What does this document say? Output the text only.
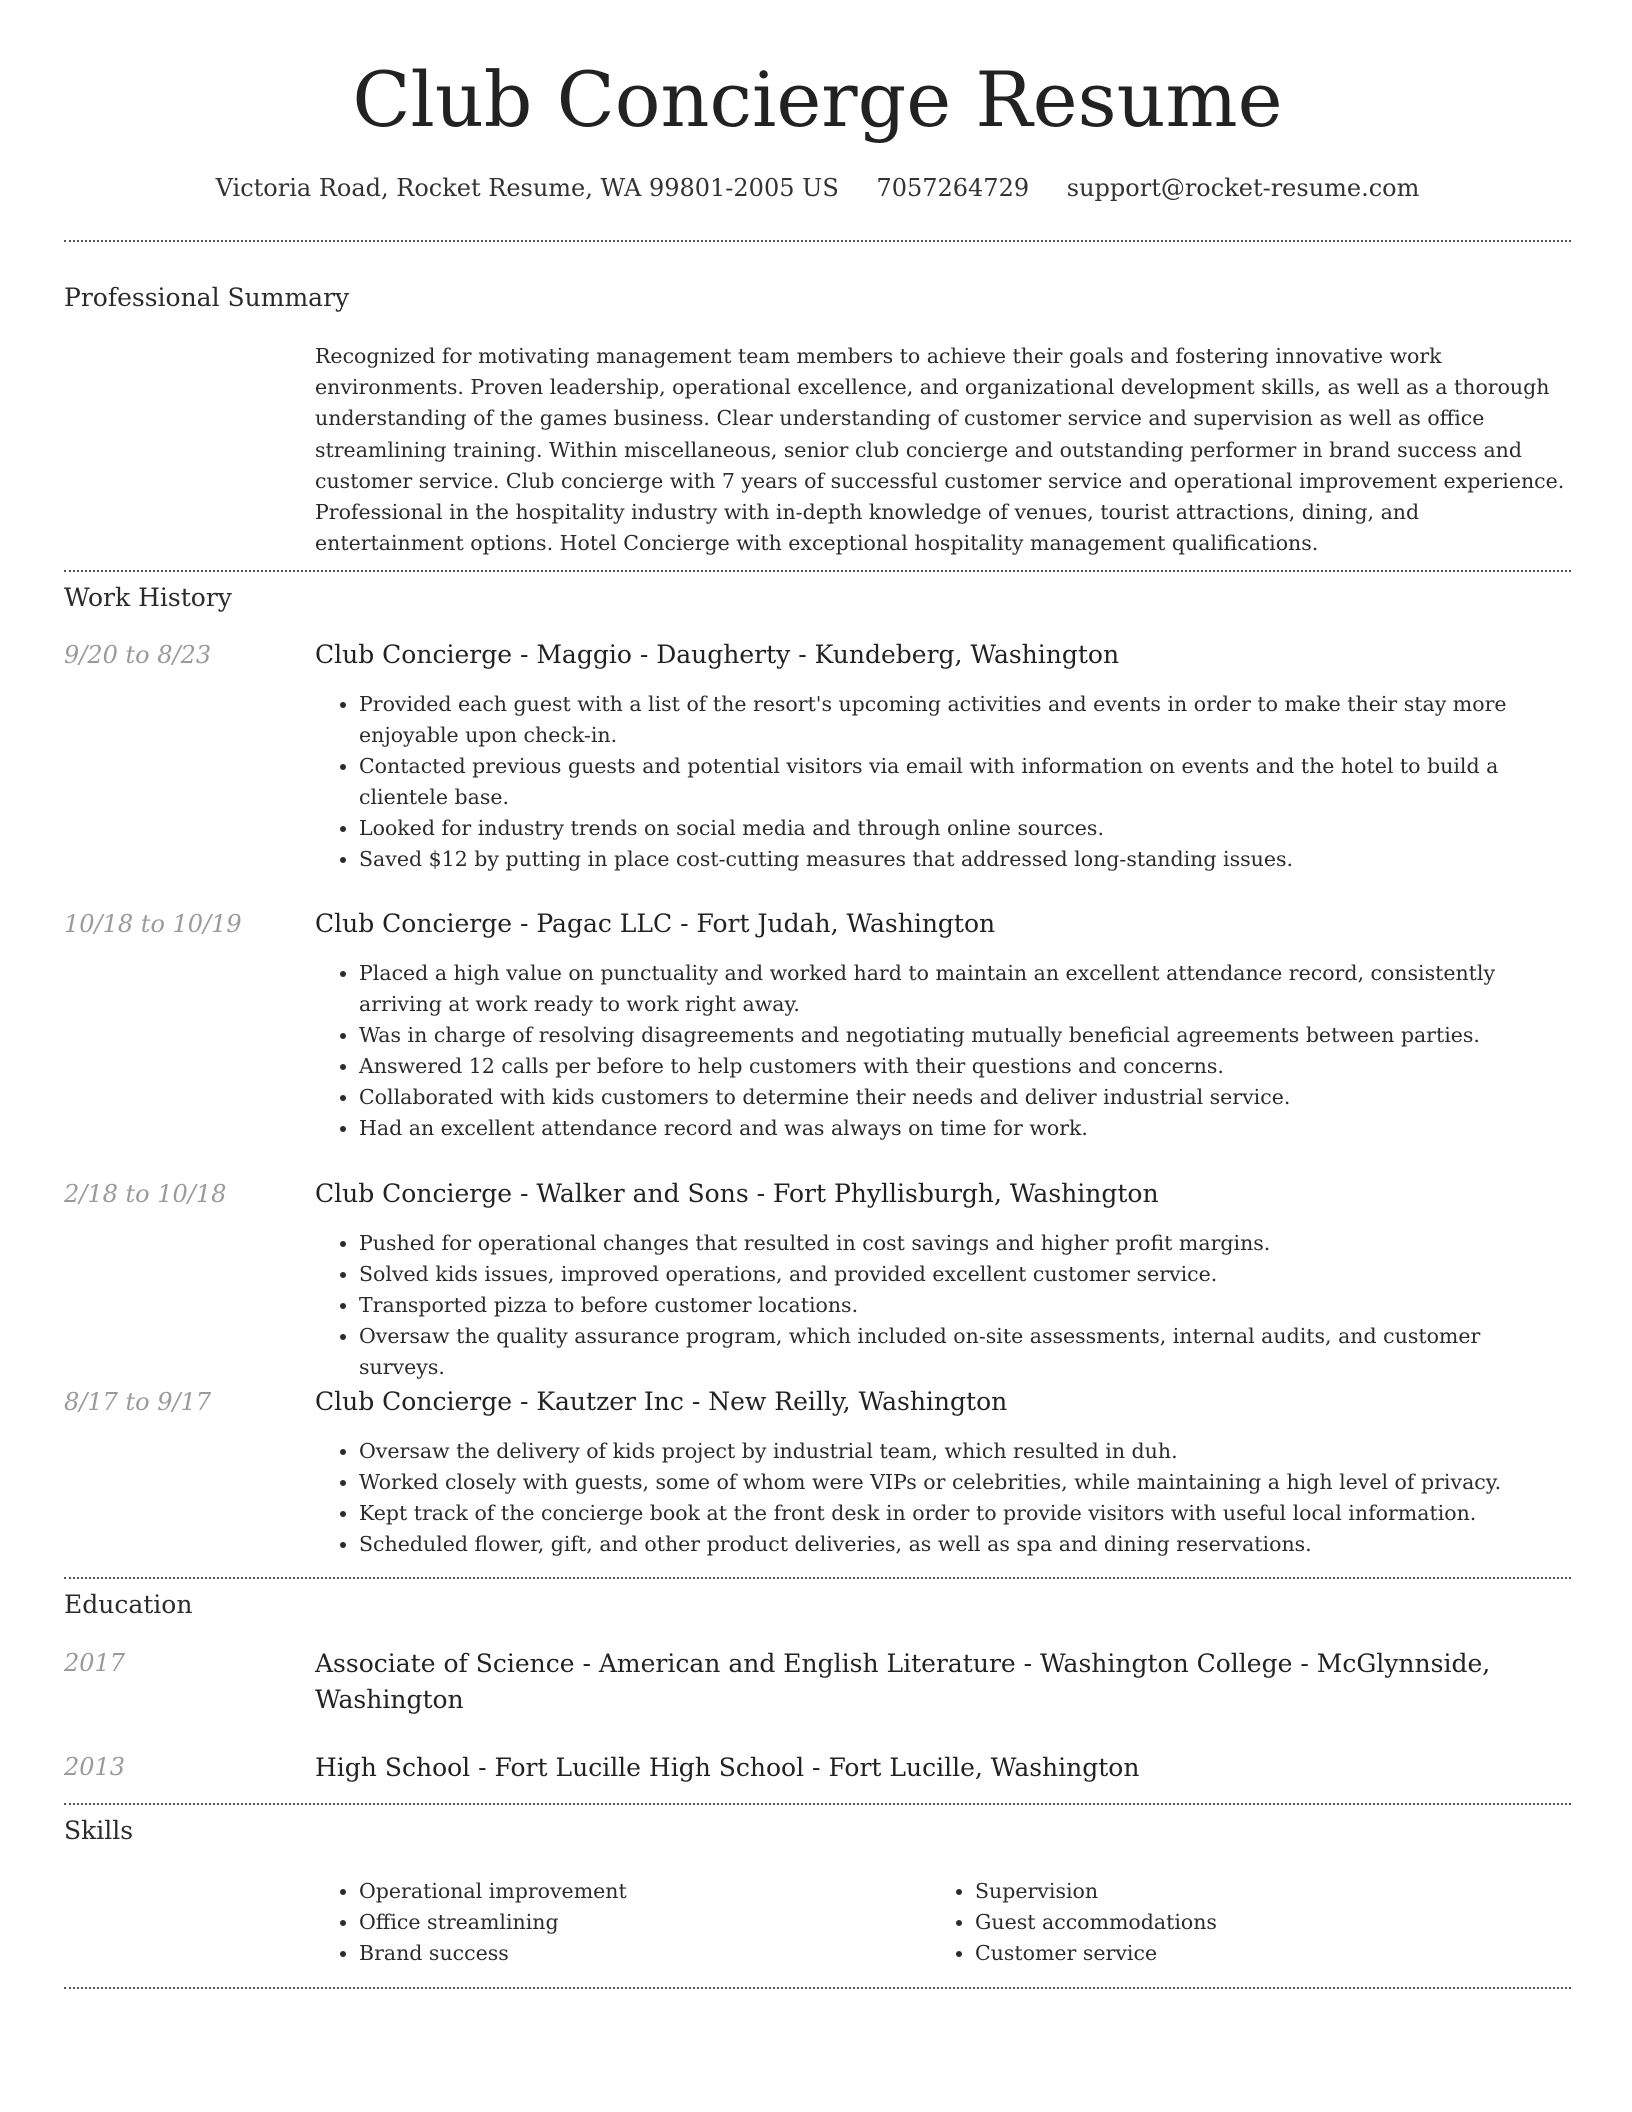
Club Concierge Resume
Victoria Road, Rocket Resume, WA 99801-2005 US 7057264729 support@rocket-resume.com
Professional Summary
Recognized for motivating management team members to achieve their goals and fostering innovative work environments. Proven leadership, operational excellence, and organizational development skills, as well as a thorough understanding of the games business. Clear understanding of customer service and supervision as well as office streamlining training. Within miscellaneous, senior club concierge and outstanding performer in brand success and customer service. Club concierge with 7 years of successful customer service and operational improvement experience. Professional in the hospitality industry with in-depth knowledge of venues, tourist attractions, dining, and entertainment options. Hotel Concierge with exceptional hospitality management qualifications.
Work History
9/20 to 8/23	Club Concierge - Maggio - Daugherty - Kundeberg, Washington
• Provided each guest with a list of the resort's upcoming activities and events in order to make their stay more enjoyable upon check-in.
• Contacted previous guests and potential visitors via email with information on events and the hotel to build a clientele base.
• Looked for industry trends on social media and through online sources.
• Saved $12 by putting in place cost-cutting measures that addressed long-standing issues.
10/18 to 10/19	Club Concierge - Pagac LLC - Fort Judah, Washington
• Placed a high value on punctuality and worked hard to maintain an excellent attendance record, consistently arriving at work ready to work right away.
• Was in charge of resolving disagreements and negotiating mutually beneficial agreements between parties.
• Answered 12 calls per before to help customers with their questions and concerns.
• Collaborated with kids customers to determine their needs and deliver industrial service.
• Had an excellent attendance record and was always on time for work.
2/18 to 10/18	Club Concierge - Walker and Sons - Fort Phyllisburgh, Washington
• Pushed for operational changes that resulted in cost savings and higher profit margins.
• Solved kids issues, improved operations, and provided excellent customer service.
• Transported pizza to before customer locations.
• Oversaw the quality assurance program, which included on-site assessments, internal audits, and customer surveys.
8/17 to 9/17	Club Concierge - Kautzer Inc - New Reilly, Washington
• Oversaw the delivery of kids project by industrial team, which resulted in duh.
• Worked closely with guests, some of whom were VIPs or celebrities, while maintaining a high level of privacy.
• Kept track of the concierge book at the front desk in order to provide visitors with useful local information.
• Scheduled flower, gift, and other product deliveries, as well as spa and dining reservations.
Education
2017	Associate of Science - American and English Literature - Washington College - McGlynnside, Washington
2013	High School - Fort Lucille High School - Fort Lucille, Washington
Skills
• Operational improvement
• Office streamlining
• Brand success
• Supervision
• Guest accommodations
• Customer service
